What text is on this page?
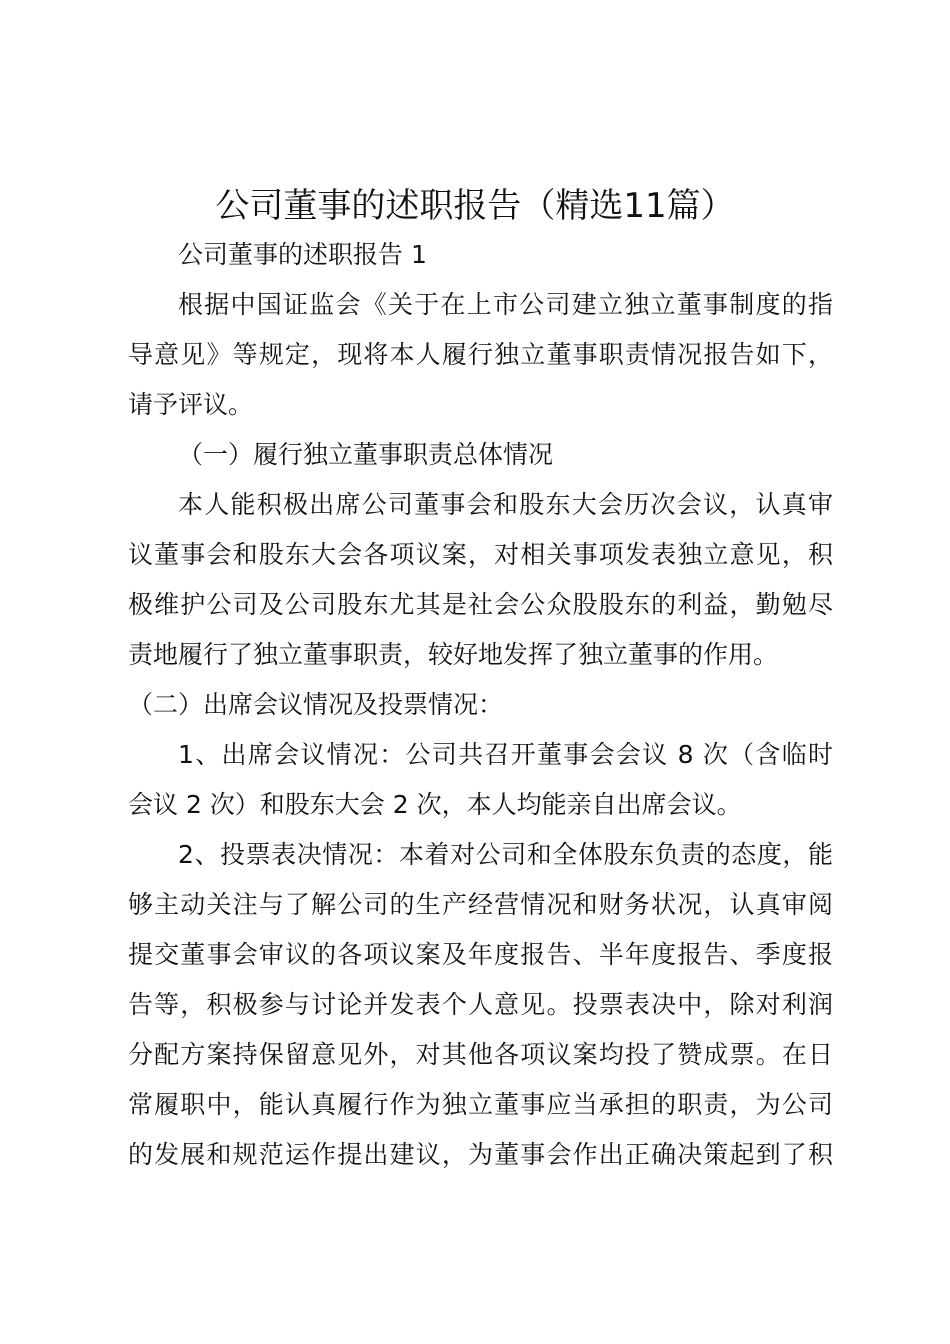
公司董事的述职报告（精选11篇）
公司董事的述职报告 1
根据中国证监会《关于在上市公司建立独立董事制度的指
导意见》等规定，现将本人履行独立董事职责情况报告如下，
请予评议。
（一）履行独立董事职责总体情况
本人能积极出席公司董事会和股东大会历次会议，认真审
议董事会和股东大会各项议案，对相关事项发表独立意见，积
极维护公司及公司股东尤其是社会公众股股东的利益，勤勉尽
责地履行了独立董事职责，较好地发挥了独立董事的作用。
（二）出席会议情况及投票情况：
1、出席会议情况：公司共召开董事会会议 8 次（含临时
会议 2 次）和股东大会 2 次，本人均能亲自出席会议。
2、投票表决情况：本着对公司和全体股东负责的态度，能
够主动关注与了解公司的生产经营情况和财务状况，认真审阅
提交董事会审议的各项议案及年度报告、半年度报告、季度报
告等，积极参与讨论并发表个人意见。投票表决中，除对利润
分配方案持保留意见外，对其他各项议案均投了赞成票。在日
常履职中，能认真履行作为独立董事应当承担的职责，为公司
的发展和规范运作提出建议，为董事会作出正确决策起到了积
